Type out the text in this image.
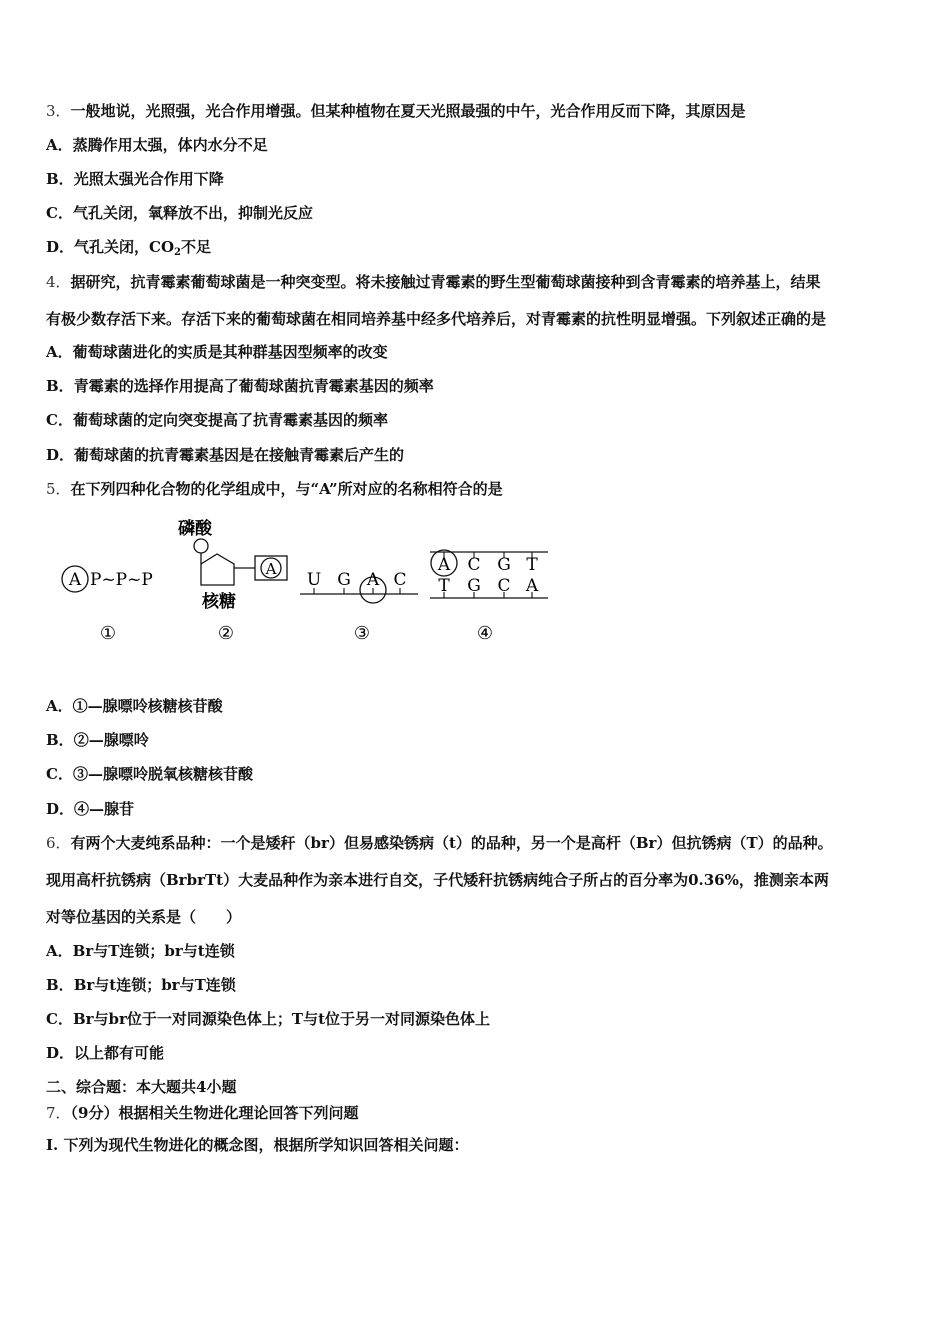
3．一般地说，光照强，光合作用增强。但某种植物在夏天光照最强的中午，光合作用反而下降，其原因是
A．蒸腾作用太强，体内水分不足
B．光照太强光合作用下降
C．气孔关闭，氧释放不出，抑制光反应
D．气孔关闭，$CO_2$不足
4．据研究，抗青霉素葡萄球菌是一种突变型。将未接触过青霉素的野生型葡萄球菌接种到含青霉素的培养基上，结果
有极少数存活下来。存活下来的葡萄球菌在相同培养基中经多代培养后，对青霉素的抗性明显增强。下列叙述正确的是
A．葡萄球菌进化的实质是其种群基因型频率的改变
B．青霉素的选择作用提高了葡萄球菌抗青霉素基因的频率
C．葡萄球菌的定向突变提高了抗青霉素基因的频率
D．葡萄球菌的抗青霉素基因是在接触青霉素后产生的
5．在下列四种化合物的化学组成中，与“A”所对应的名称相符合的是
A P~P~P
①
磷酸
A
核糖
②
U G A C
③
A C G T
T G C A
④
A．①—腺嘌呤核糖核苷酸
B．②—腺嘌呤
C．③—腺嘌呤脱氧核糖核苷酸
D．④—腺苷
6．有两个大麦纯系品种：一个是矮秆（br）但易感染锈病（t）的品种，另一个是高杆（Br）但抗锈病（T）的品种。
现用高杆抗锈病（BrbrTt）大麦品种作为亲本进行自交，子代矮秆抗锈病纯合子所占的百分率为0.36%，推测亲本两
对等位基因的关系是（　　）
A．Br与T连锁；br与t连锁
B．Br与t连锁；br与T连锁
C．Br与br位于一对同源染色体上；T与t位于另一对同源染色体上
D．以上都有可能
二、综合题：本大题共4小题
7．（9分）根据相关生物进化理论回答下列问题
I. 下列为现代生物进化的概念图，根据所学知识回答相关问题：
